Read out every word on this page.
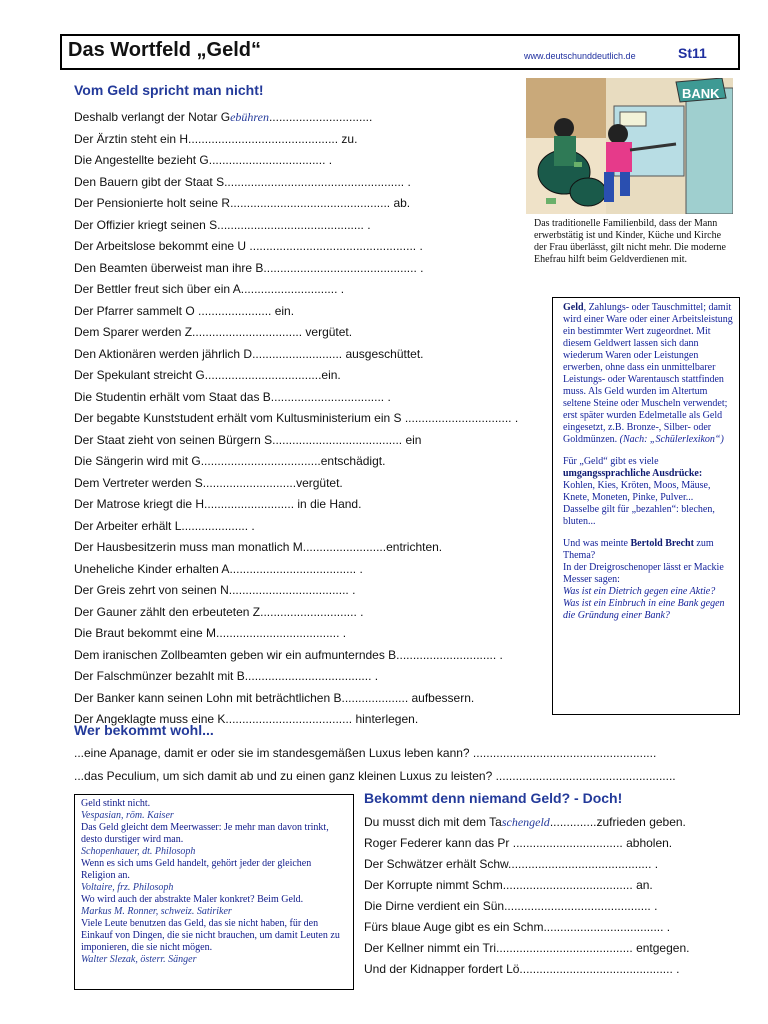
Das Wortfeld „Geld“	www.deutschunddeutlich.de	St11
Vom Geld spricht man nicht!
Deshalb verlangt der Notar Gebühren...............................
Der Ärztin steht ein H............................................. zu.
Die Angestellte bezieht G................................... .
Den Bauern gibt der Staat S...................................................... .
Der Pensionierte holt seine R................................................ ab.
Der Offizier kriegt seinen S............................................ .
Der Arbeitslose bekommt eine U .................................................. .
Den Beamten überweist man ihre B.............................................. .
Der Bettler freut sich über ein A............................. .
Der Pfarrer sammelt O ...................... ein.
Dem Sparer werden Z................................. vergütet.
Den Aktionären werden jährlich D........................... ausgeschüttet.
Der Spekulant streicht G...................................ein.
Die Studentin erhält vom Staat das B.................................. .
Der begabte Kunststudent erhält vom Kultusministerium ein S ................................ .
Der Staat zieht von seinen Bürgern S....................................... ein
Die Sängerin wird mit G....................................entschädigt.
Dem Vertreter werden S............................vergütet.
Der Matrose kriegt die H........................... in die Hand.
Der Arbeiter erhält L.................... .
Der Hausbesitzerin muss man monatlich M.........................entrichten.
Uneheliche Kinder erhalten A...................................... .
Der Greis zehrt von seinen N.................................... .
Der Gauner zählt den erbeuteten Z............................. .
Die Braut bekommt eine M..................................... .
Dem iranischen Zollbeamten geben wir ein aufmunterndes B.............................. .
Der Falschmünzer bezahlt mit B...................................... .
Der Banker kann seinen Lohn mit beträchtlichen B.................... aufbessern.
Der Angeklagte muss eine K...................................... hinterlegen.
Wer bekommt wohl...
...eine Apanage, damit er oder sie im standesgemäßen Luxus leben kann? .......................................................
...das Peculium, um sich damit ab und zu einen ganz kleinen Luxus zu leisten? ......................................................
BANK
Das traditionelle Familienbild, dass der Mann erwerbstätig ist und Kinder, Küche und Kirche der Frau überlässt, gilt nicht mehr. Die moderne Ehefrau hilft beim Geldverdienen mit.

Geld, Zahlungs- oder Tauschmittel; damit wird einer Ware oder einer Arbeitsleistung ein bestimmter Wert zugeordnet. Mit diesem Geldwert lassen sich dann wiederum Waren oder Leistungen erwerben, ohne dass ein unmittelbarer Leistungs- oder Warentausch stattfinden muss. Als Geld wurden im Altertum seltene Steine oder Muscheln verwendet; erst später wurden Edelmetalle als Geld eingesetzt, z.B. Bronze-, Silber- oder Goldmünzen. (Nach: „Schülerlexikon“)

Für „Geld“ gibt es viele umgangssprachliche Ausdrücke:
Kohlen, Kies, Kröten, Moos, Mäuse, Knete, Moneten, Pinke, Pulver...
Dasselbe gilt für „bezahlen“: blechen, bluten...

Und was meinte Bertold Brecht zum Thema?
In der Dreigroschenoper lässt er Mackie Messer sagen:
Was ist ein Dietrich gegen eine Aktie? Was ist ein Einbruch in eine Bank gegen die Gründung einer Bank?

Geld stinkt nicht.
Vespasian, röm. Kaiser
Das Geld gleicht dem Meerwasser: Je mehr man davon trinkt, desto durstiger wird man.
Schopenhauer, dt. Philosoph
Wenn es sich ums Geld handelt, gehört jeder der gleichen Religion an.
Voltaire, frz. Philosoph
Wo wird auch der abstrakte Maler konkret? Beim Geld.
Markus M. Ronner, schweiz. Satiriker
Viele Leute benutzen das Geld, das sie nicht haben, für den Einkauf von Dingen, die sie nicht brauchen, um damit Leuten zu imponieren, die sie nicht mögen.
Walter Slezak, österr. Sänger
Bekommt denn niemand Geld? - Doch!
Du musst dich mit dem Taschengeld..............zufrieden geben.
Roger Federer kann das Pr ................................. abholen.
Der Schwätzer erhält Schw........................................... .
Der Korrupte nimmt Schm....................................... an.
Die Dirne verdient ein Sün............................................ .
Fürs blaue Auge gibt es ein Schm.................................... .
Der Kellner nimmt ein Tri......................................... entgegen.
Und der Kidnapper fordert Lö.............................................. .
